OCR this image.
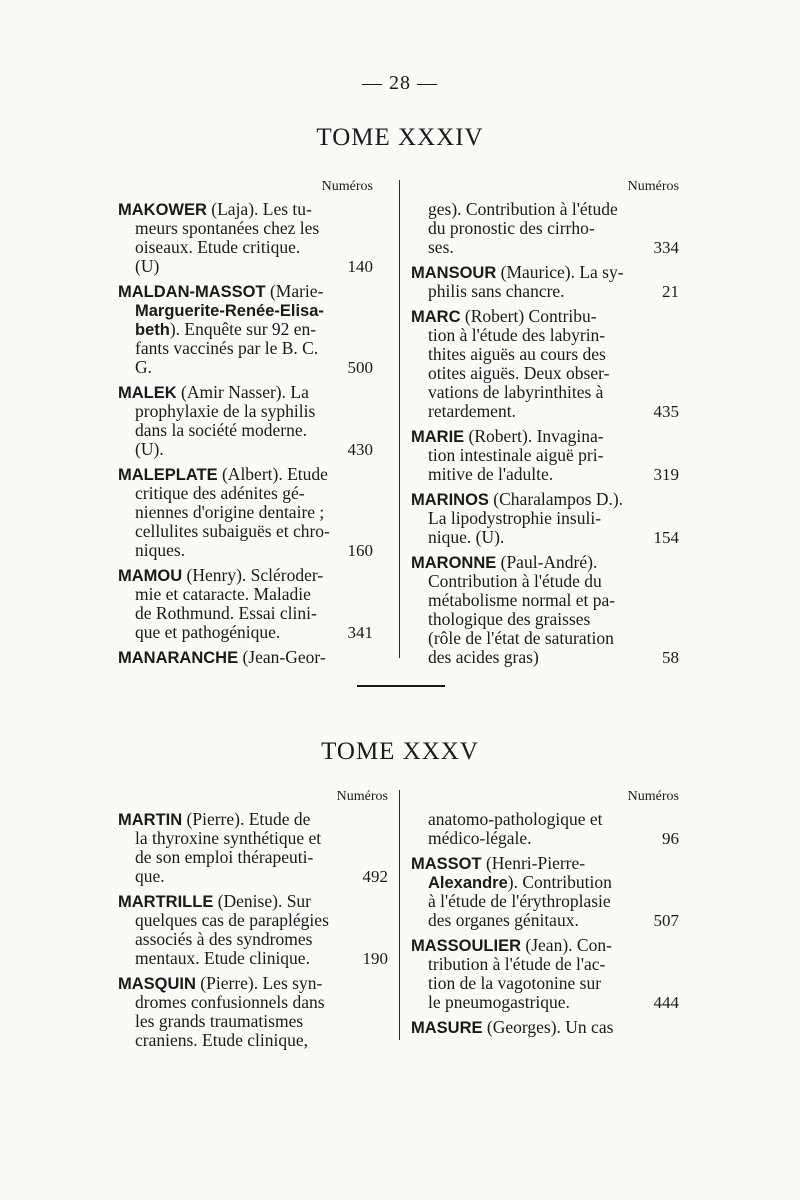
— 28 —
TOME XXXIV
Numéros
MAKOWER (Laja). Les tu-
meurs spontanées chez les
oiseaux. Etude critique.
(U)	140
MALDAN-MASSOT (Marie-
Marguerite-Renée-Elisa-
beth). Enquête sur 92 en-
fants vaccinés par le B. C.
G.	500
MALEK (Amir Nasser). La
prophylaxie de la syphilis
dans la société moderne.
(U).	430
MALEPLATE (Albert). Etude
critique des adénites gé-
niennes d'origine dentaire ;
cellulites subaiguës et chro-
niques.	160
MAMOU (Henry). Scléroder-
mie et cataracte. Maladie
de Rothmund. Essai clini-
que et pathogénique.	341
MANARANCHE (Jean-Geor-
Numéros
ges). Contribution à l'étude
du pronostic des cirrho-
ses.	334
MANSOUR (Maurice). La sy-
philis sans chancre.	21
MARC (Robert) Contribu-
tion à l'étude des labyrin-
thites aiguës au cours des
otites aiguës. Deux obser-
vations de labyrinthites à
retardement.	435
MARIE (Robert). Invagina-
tion intestinale aiguë pri-
mitive de l'adulte.	319
MARINOS (Charalampos D.).
La lipodystrophie insuli-
nique. (U).	154
MARONNE (Paul-André).
Contribution à l'étude du
métabolisme normal et pa-
thologique des graisses
(rôle de l'état de saturation
des acides gras)	58
TOME XXXV
Numéros
MARTIN (Pierre). Etude de
la thyroxine synthétique et
de son emploi thérapeuti-
que.	492
MARTRILLE (Denise). Sur
quelques cas de paraplégies
associés à des syndromes
mentaux. Etude clinique.	190
MASQUIN (Pierre). Les syn-
dromes confusionnels dans
les grands traumatismes
craniens. Etude clinique,
Numéros
anatomo-pathologique et
médico-légale.	96
MASSOT (Henri-Pierre-
Alexandre). Contribution
à l'étude de l'érythroplasie
des organes génitaux.	507
MASSOULIER (Jean). Con-
tribution à l'étude de l'ac-
tion de la vagotonine sur
le pneumogastrique.	444
MASURE (Georges). Un cas
